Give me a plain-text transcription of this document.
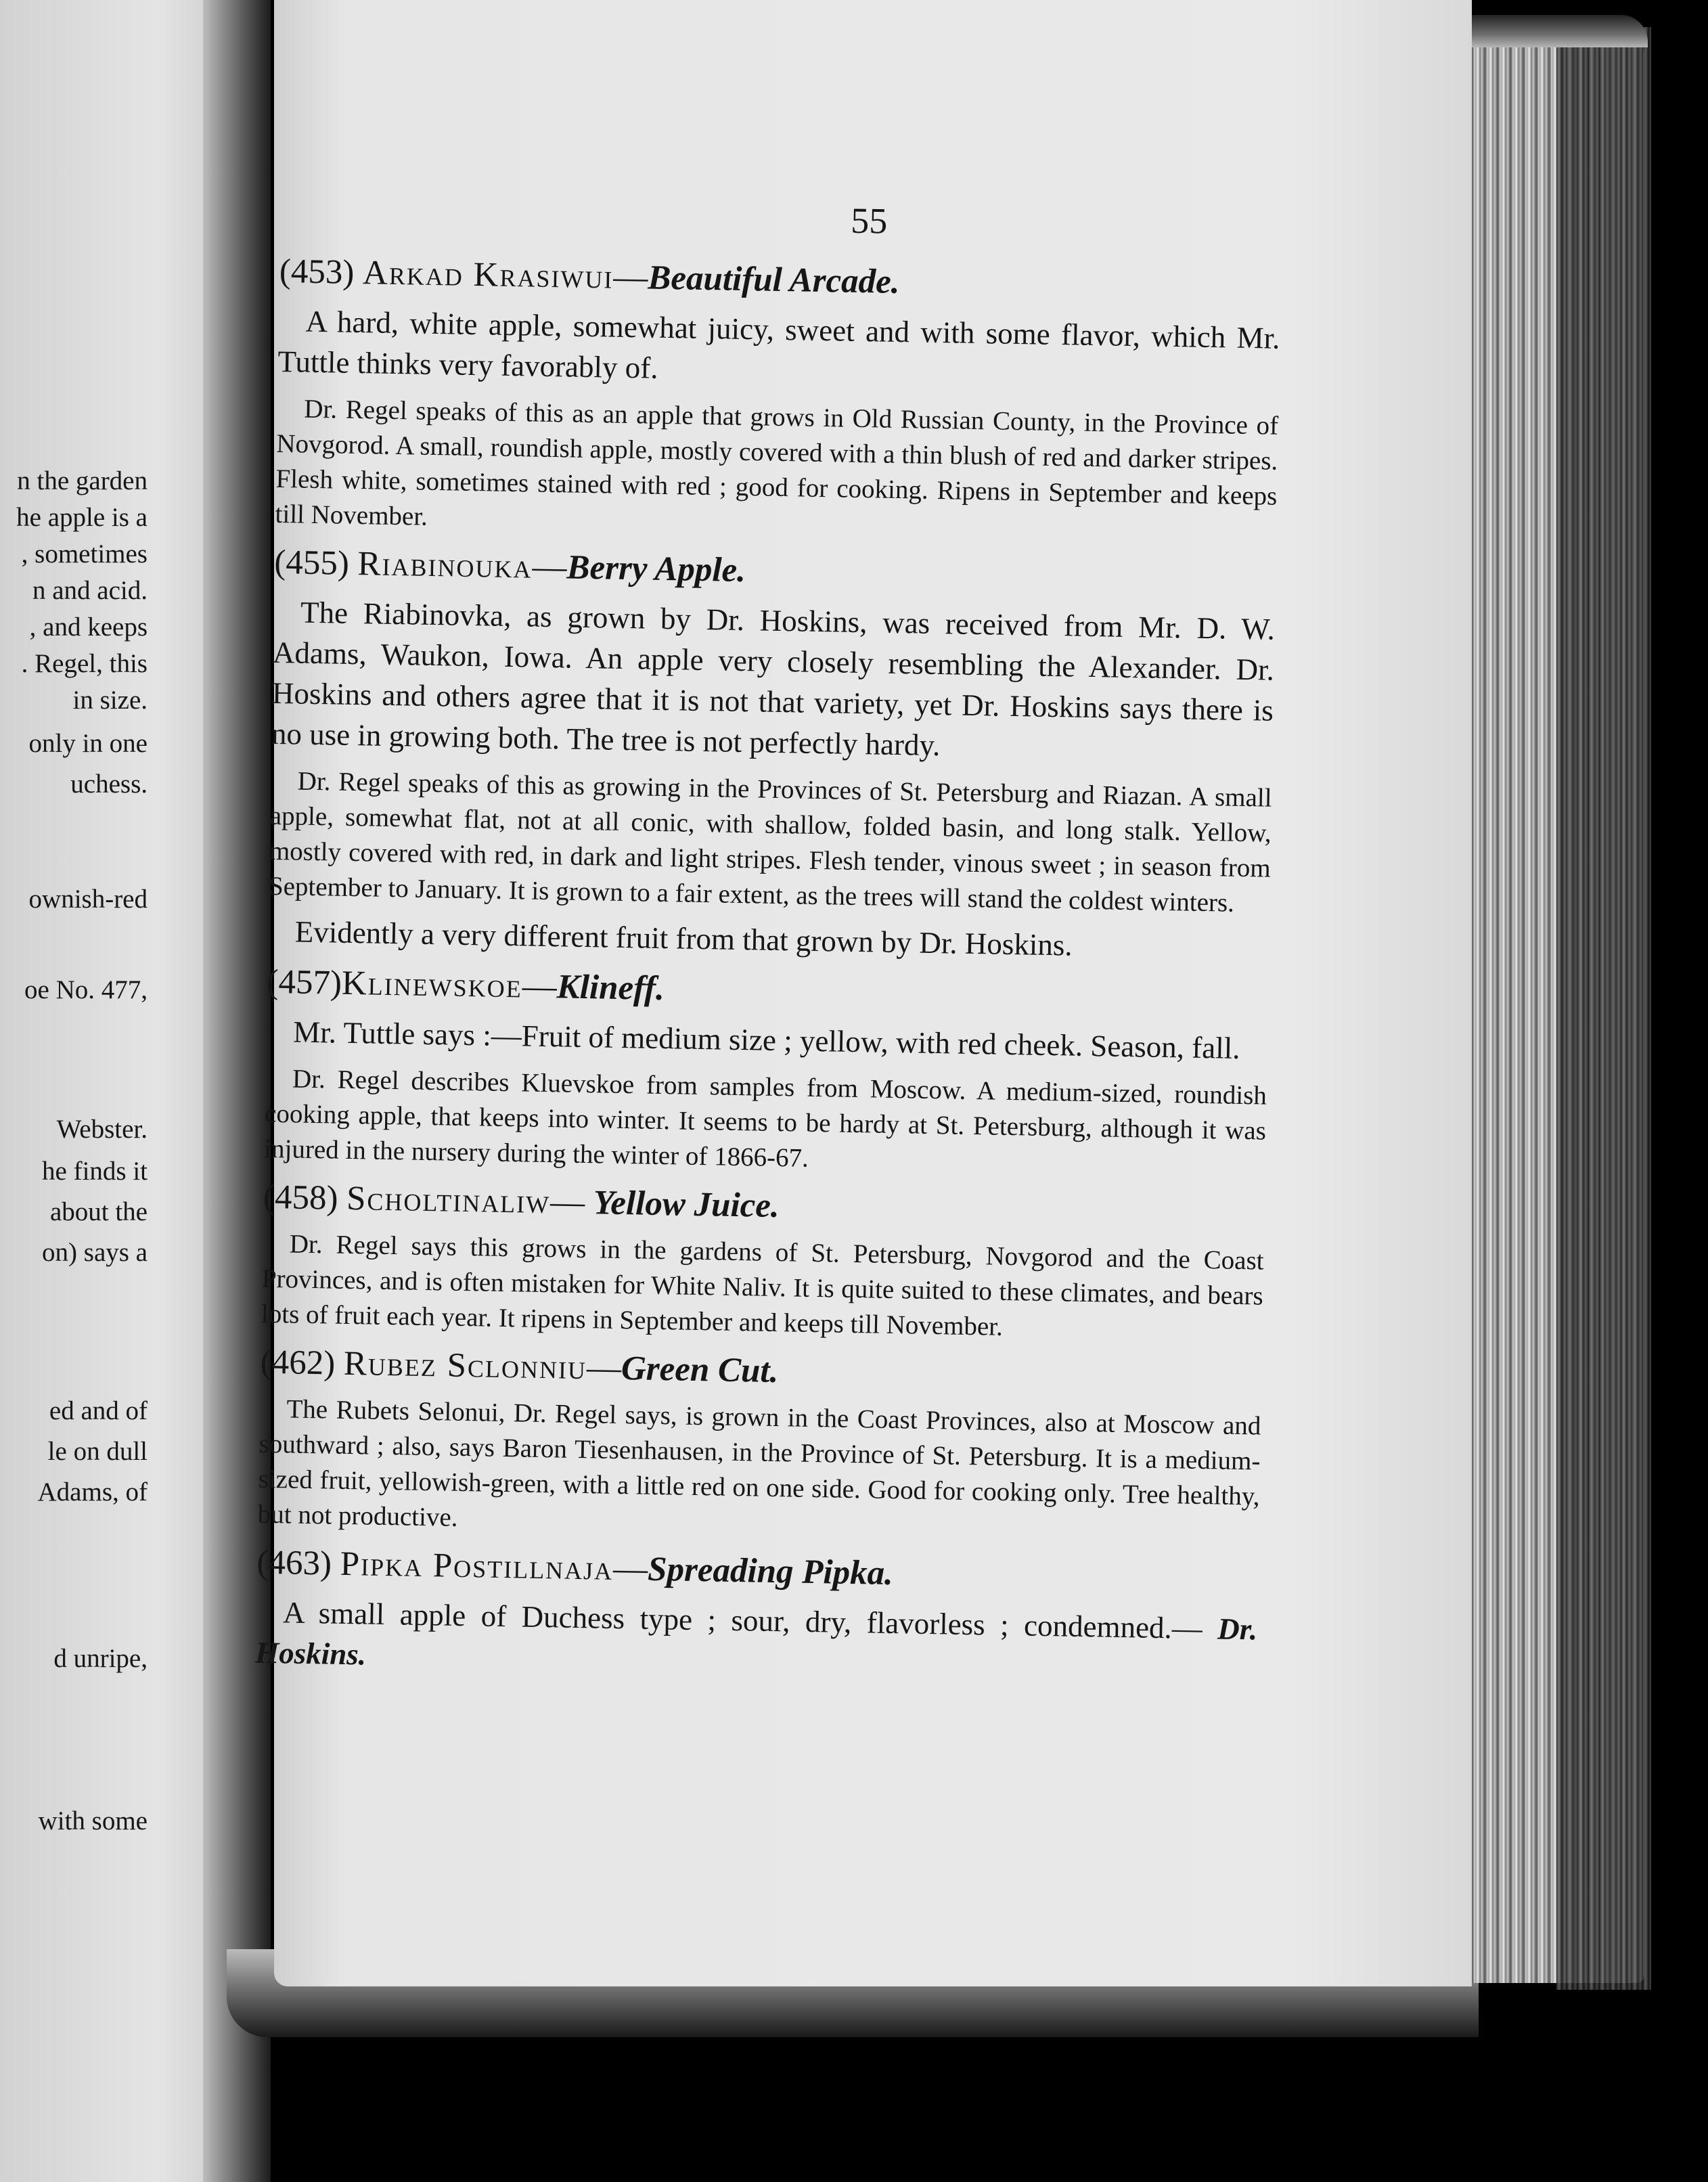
n the garden
he apple is a
, sometimes
n and acid.
, and keeps
. Regel, this
in size.
only in one
uchess.
ownish-red
oe No. 477,
Webster.
he finds it
about the
on) says a
ed and of
le on dull
Adams, of
d unripe,
with some
55
(453) Arkad Krasiwui—Beautiful Arcade.

A hard, white apple, somewhat juicy, sweet and with some flavor, which Mr. Tuttle thinks very favorably of.

Dr. Regel speaks of this as an apple that grows in Old Russian County, in the Province of Novgorod. A small, roundish apple, mostly covered with a thin blush of red and darker stripes. Flesh white, sometimes stained with red ; good for cooking. Ripens in September and keeps till November.

(455) Riabinouka—Berry Apple.

The Riabinovka, as grown by Dr. Hoskins, was received from Mr. D. W. Adams, Waukon, Iowa. An apple very closely resembling the Alexander. Dr. Hoskins and others agree that it is not that variety, yet Dr. Hoskins says there is no use in growing both. The tree is not perfectly hardy.

Dr. Regel speaks of this as growing in the Provinces of St. Petersburg and Riazan. A small apple, somewhat flat, not at all conic, with shallow, folded basin, and long stalk. Yellow, mostly covered with red, in dark and light stripes. Flesh tender, vinous sweet ; in season from September to January. It is grown to a fair extent, as the trees will stand the coldest winters.

Evidently a very different fruit from that grown by Dr. Hoskins.

(457)Klinewskoe—Klineff.

Mr. Tuttle says :—Fruit of medium size ; yellow, with red cheek. Season, fall.

Dr. Regel describes Kluevskoe from samples from Moscow. A medium-sized, roundish cooking apple, that keeps into winter. It seems to be hardy at St. Petersburg, although it was injured in the nursery during the winter of 1866-67.

(458) Scholtinaliw— Yellow Juice.

Dr. Regel says this grows in the gardens of St. Petersburg, Novgorod and the Coast Provinces, and is often mistaken for White Naliv. It is quite suited to these climates, and bears lots of fruit each year. It ripens in September and keeps till November.

(462) Rubez Sclonniu—Green Cut.

The Rubets Selonui, Dr. Regel says, is grown in the Coast Provinces, also at Moscow and southward ; also, says Baron Tiesenhausen, in the Province of St. Petersburg. It is a medium-sized fruit, yellowish-green, with a little red on one side. Good for cooking only. Tree healthy, but not productive.

(463) Pipka Postillnaja—Spreading Pipka.

A small apple of Duchess type ; sour, dry, flavorless ; condemned.— Dr. Hoskins.
